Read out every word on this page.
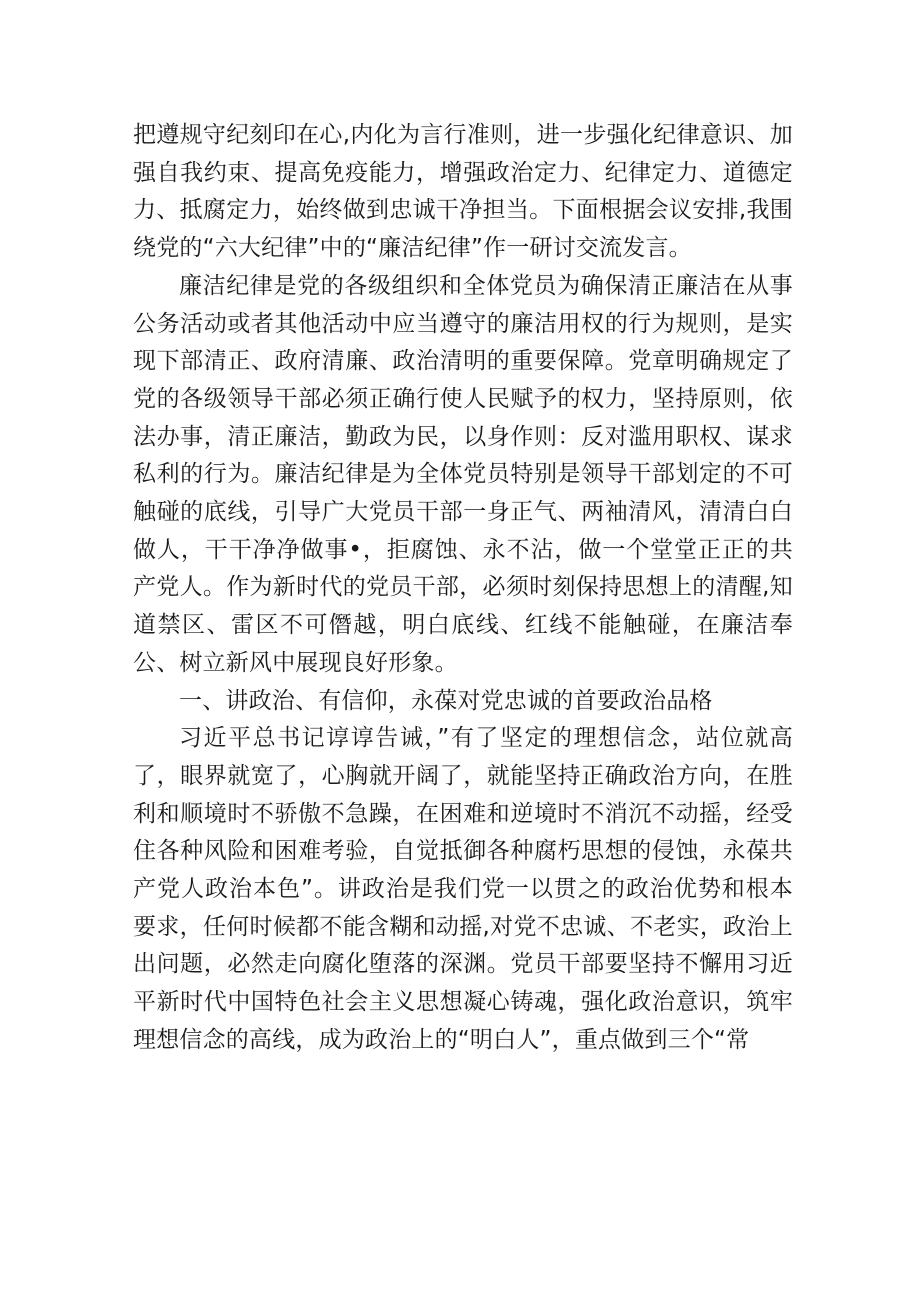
把遵规守纪刻印在心,内化为言行准则，进一步强化纪律意识、加强自我约束、提高免疫能力，增强政治定力、纪律定力、道德定力、抵腐定力，始终做到忠诚干净担当。下面根据会议安排,我围绕党的“六大纪律”中的“廉洁纪律”作一研讨交流发言。

廉洁纪律是党的各级组织和全体党员为确保清正廉洁在从事公务活动或者其他活动中应当遵守的廉洁用权的行为规则，是实现下部清正、政府清廉、政治清明的重要保障。党章明确规定了党的各级领导干部必须正确行使人民赋予的权力，坚持原则，依法办事，清正廉洁，勤政为民，以身作则：反对滥用职权、谋求私利的行为。廉洁纪律是为全体党员特别是领导干部划定的不可触碰的底线，引导广大党员干部一身正气、两袖清风，清清白白做人，干干净净做事•，拒腐蚀、永不沾，做一个堂堂正正的共产党人。作为新时代的党员干部，必须时刻保持思想上的清醒,知道禁区、雷区不可僭越，明白底线、红线不能触碰，在廉洁奉公、树立新风中展现良好形象。

一、讲政治、有信仰，永葆对党忠诚的首要政治品格

习近平总书记谆谆告诫，”有了坚定的理想信念，站位就高了，眼界就宽了，心胸就开阔了，就能坚持正确政治方向，在胜利和顺境时不骄傲不急躁，在困难和逆境时不消沉不动摇，经受住各种风险和困难考验，自觉抵御各种腐朽思想的侵蚀，永葆共产党人政治本色”。讲政治是我们党一以贯之的政治优势和根本要求，任何时候都不能含糊和动摇,对党不忠诚、不老实，政治上出问题，必然走向腐化堕落的深渊。党员干部要坚持不懈用习近平新时代中国特色社会主义思想凝心铸魂，强化政治意识，筑牢理想信念的高线，成为政治上的“明白人”，重点做到三个“常
